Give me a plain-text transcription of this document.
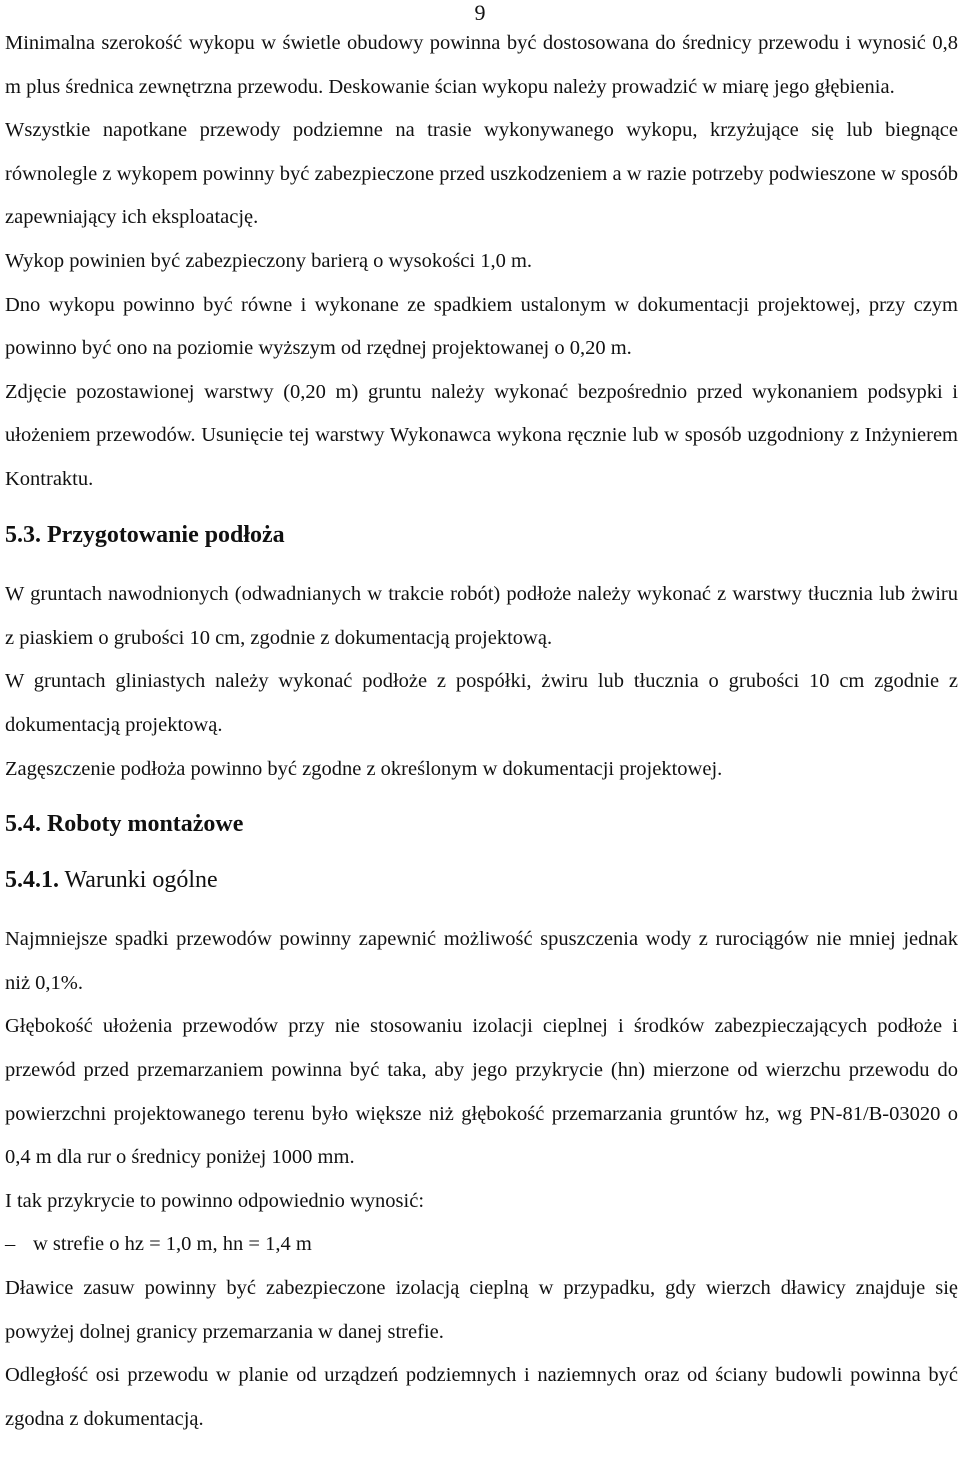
9

Minimalna szerokość wykopu w świetle obudowy powinna być dostosowana do średnicy przewodu i wynosić 0,8 m plus średnica zewnętrzna przewodu. Deskowanie ścian wykopu należy prowadzić w miarę jego głębienia.

Wszystkie napotkane przewody podziemne na trasie wykonywanego wykopu, krzyżujące się lub biegnące równolegle z wykopem powinny być zabezpieczone przed uszkodzeniem a w razie potrzeby podwieszone w sposób zapewniający ich eksploatację.

Wykop powinien być zabezpieczony barierą o wysokości 1,0 m.

Dno wykopu powinno być równe i wykonane ze spadkiem ustalonym w dokumentacji projektowej, przy czym powinno być ono na poziomie wyższym od rzędnej projektowanej o 0,20 m.

Zdjęcie pozostawionej warstwy (0,20 m) gruntu należy wykonać bezpośrednio przed wykonaniem podsypki i ułożeniem przewodów. Usunięcie tej warstwy Wykonawca wykona ręcznie lub w sposób uzgodniony z Inżynierem Kontraktu.

5.3. Przygotowanie podłoża

W gruntach nawodnionych (odwadnianych w trakcie robót) podłoże należy wykonać z warstwy tłucznia lub żwiru z piaskiem o grubości 10 cm, zgodnie z dokumentacją projektową.

W gruntach gliniastych należy wykonać podłoże z pospółki, żwiru lub tłucznia o grubości 10 cm zgodnie z dokumentacją projektową.

Zagęszczenie podłoża powinno być zgodne z określonym w dokumentacji projektowej.

5.4. Roboty montażowe
5.4.1. Warunki ogólne

Najmniejsze spadki przewodów powinny zapewnić możliwość spuszczenia wody z rurociągów nie mniej jednak niż 0,1%.

Głębokość ułożenia przewodów przy nie stosowaniu izolacji cieplnej i środków zabezpieczających podłoże i przewód przed przemarzaniem powinna być taka, aby jego przykrycie (hn) mierzone od wierzchu przewodu do powierzchni projektowanego terenu było większe niż głębokość przemarzania gruntów hz, wg PN-81/B-03020 o 0,4 m dla rur o średnicy poniżej 1000 mm.

I tak przykrycie to powinno odpowiednio wynosić:

– w strefie o hz = 1,0 m, hn = 1,4 m

Dławice zasuw powinny być zabezpieczone izolacją cieplną w przypadku, gdy wierzch dławicy znajduje się powyżej dolnej granicy przemarzania w danej strefie.

Odległość osi przewodu w planie od urządzeń podziemnych i naziemnych oraz od ściany budowli powinna być zgodna z dokumentacją.
